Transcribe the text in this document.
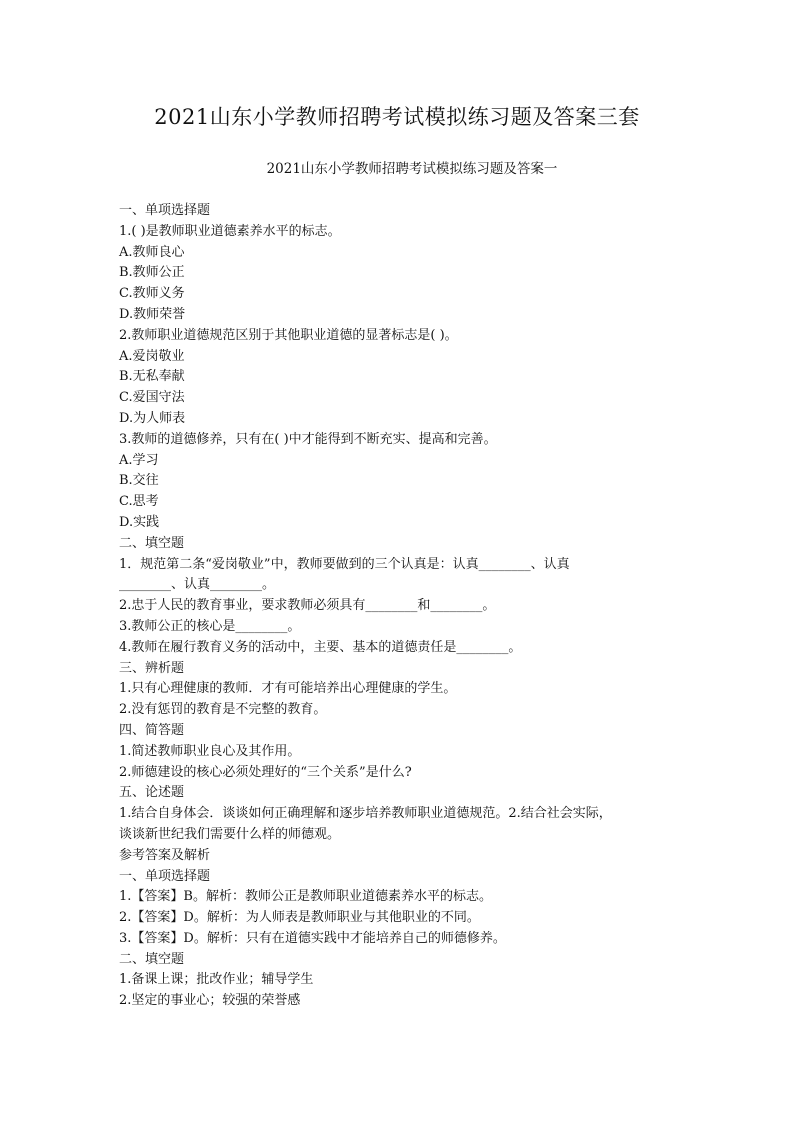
2021山东小学教师招聘考试模拟练习题及答案三套
2021山东小学教师招聘考试模拟练习题及答案一
一、单项选择题
1.( )是教师职业道德素养水平的标志。
A.教师良心
B.教师公正
C.教师义务
D.教师荣誉
2.教师职业道德规范区别于其他职业道德的显著标志是( )。
A.爱岗敬业
B.无私奉献
C.爱国守法
D.为人师表
3.教师的道德修养，只有在( )中才能得到不断充实、提高和完善。
A.学习
B.交往
C.思考
D.实践
二、填空题
1．规范第二条“爱岗敬业”中，教师要做到的三个认真是：认真________、认真
________、认真________。
2.忠于人民的教育事业，要求教师必须具有________和________。
3.教师公正的核心是________。
4.教师在履行教育义务的活动中，主要、基本的道德责任是________。
三、辨析题
1.只有心理健康的教师．才有可能培养出心理健康的学生。
2.没有惩罚的教育是不完整的教育。
四、简答题
1.简述教师职业良心及其作用。
2.师德建设的核心必须处理好的“三个关系”是什么?
五、论述题
1.结合自身体会．谈谈如何正确理解和逐步培养教师职业道德规范。2.结合社会实际，
谈谈新世纪我们需要什么样的师德观。
参考答案及解析
一、单项选择题
1.【答案】B。解析：教师公正是教师职业道德素养水平的标志。
2.【答案】D。解析：为人师表是教师职业与其他职业的不同。
3.【答案】D。解析：只有在道德实践中才能培养自己的师德修养。
二、填空题
1.备课上课；批改作业；辅导学生
2.坚定的事业心；较强的荣誉感
